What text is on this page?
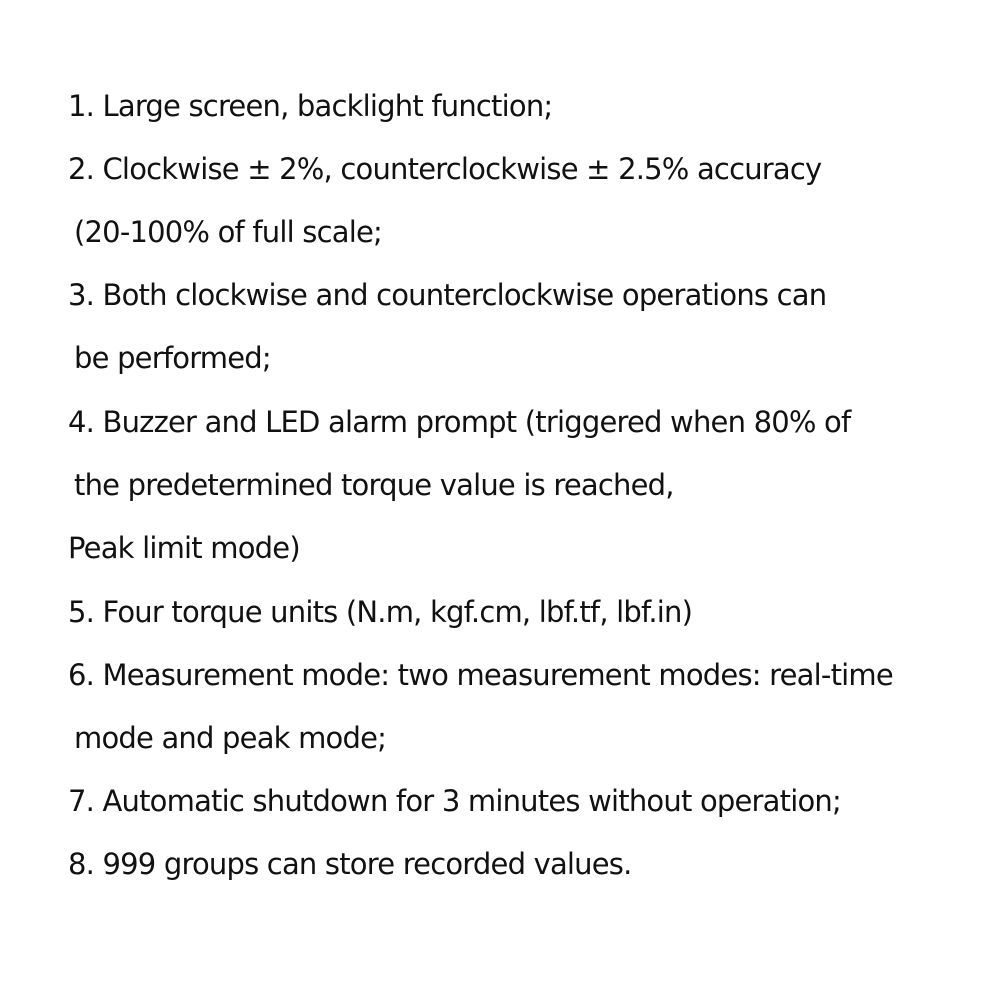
1. Large screen, backlight function;
2. Clockwise ± 2%, counterclockwise ± 2.5% accuracy
(20-100% of full scale;
3. Both clockwise and counterclockwise operations can
be performed;
4. Buzzer and LED alarm prompt (triggered when 80% of
the predetermined torque value is reached,
Peak limit mode)
5. Four torque units (N.m, kgf.cm, lbf.tf, lbf.in)
6. Measurement mode: two measurement modes: real-time
mode and peak mode;
7. Automatic shutdown for 3 minutes without operation;
8. 999 groups can store recorded values.
